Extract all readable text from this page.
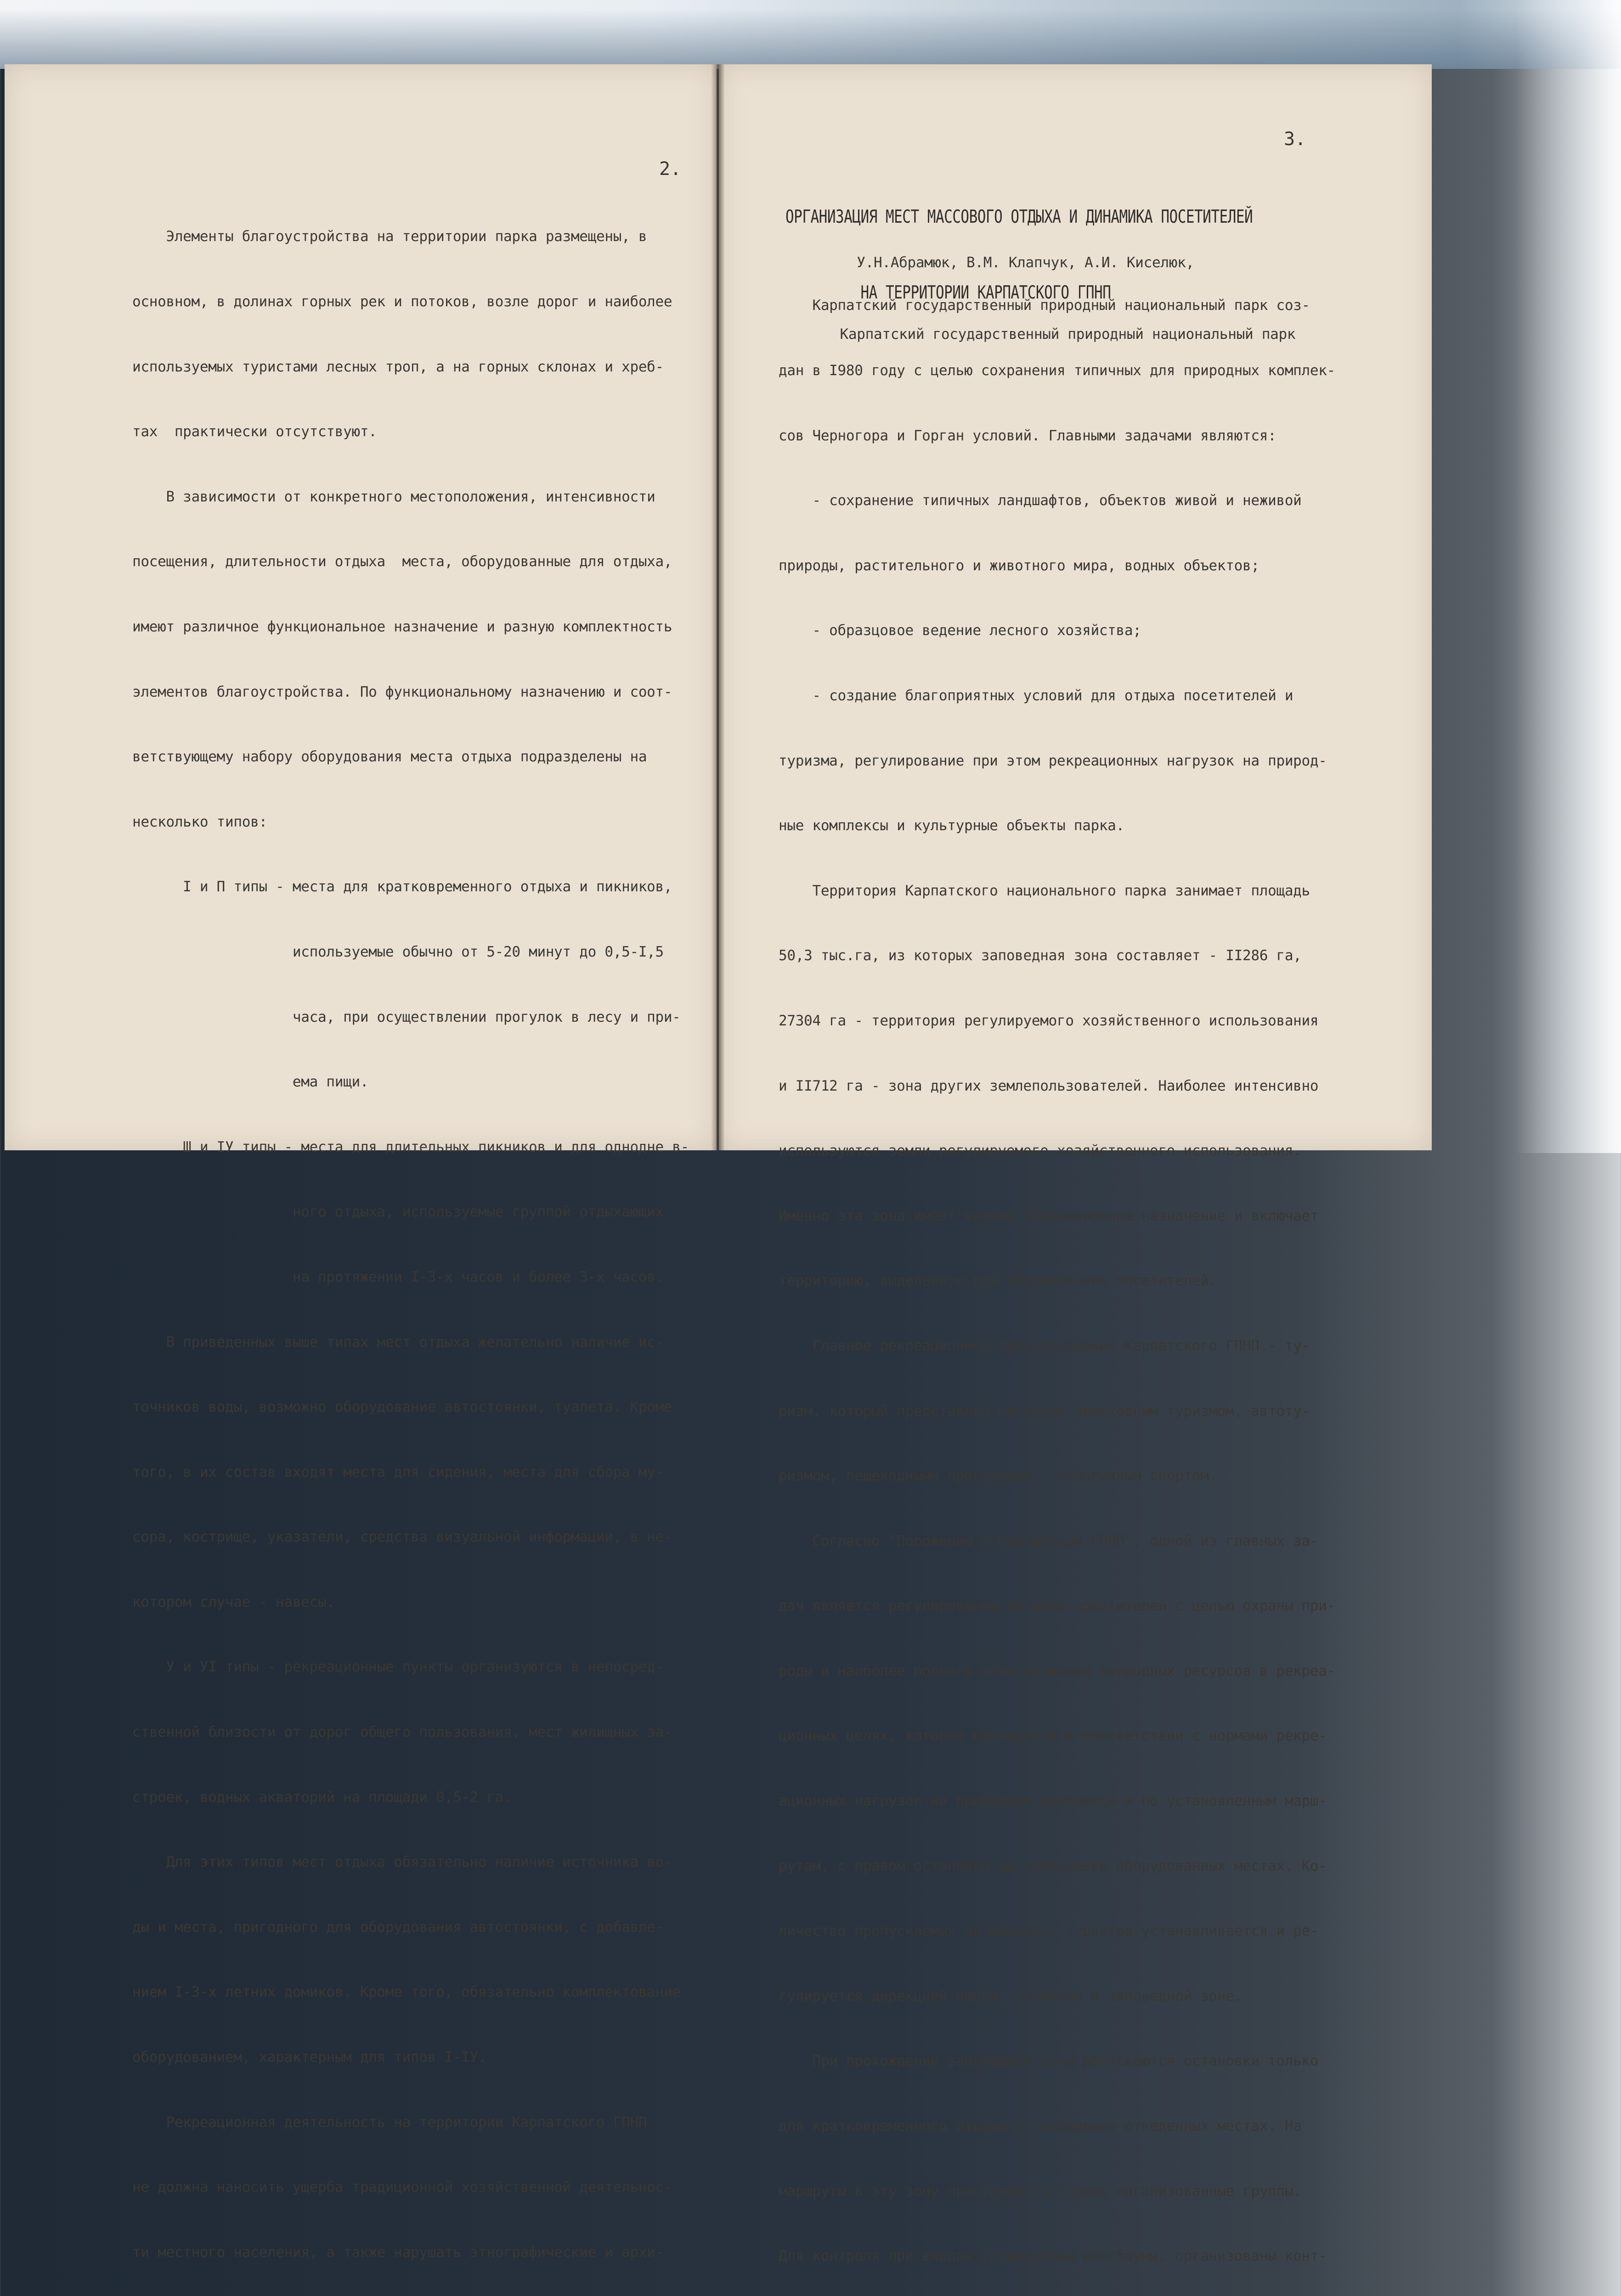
2.

Элементы благоустройства на территории парка размещены, в

основном, в долинах горных рек и потоков, возле дорог и наиболее

используемых туристами лесных троп, а на горных склонах и хреб-

тах  практически отсутствуют.

В зависимости от конкретного местоположения, интенсивности

посещения, длительности отдыха  места, оборудованные для отдыха,

имеют различное функциональное назначение и разную комплектность

элементов благоустройства. По функциональному назначению и соот-

ветствующему набору оборудования места отдыха подразделены на

несколько типов:

I и П типы - места для кратковременного отдыха и пикников,

используемые обычно от 5-20 минут до 0,5-I,5

часа, при осуществлении прогулок в лесу и при-

ема пищи.

Ш и IУ типы - места для длительных пикников и для однодне в-

ного отдыха, используемые группой отдыхающих

на протяжении I-3-х часов и более 3-х часов.

В приведенных выше типах мест отдыха желательно наличие ис-

точников воды, возможно оборудование автостоянки, туалета. Кроме

того, в их состав входят места для сидения, места для сбора му-

сора, кострище, указатели, средства визуальной информации, в не-

котором случае - навесы.

У и УI типы - рекреационные пункты организуются в непосред-

ственной близости от дорог общего пользования, мест жилищных за-

строек, водных акваторий на площади 0,5-2 га.

Для этих типов мест отдыха обязательно наличие источника во-

ды и места, пригодного для оборудования автостоянки, с добавле-

нием I-3-х летних домиков. Кроме того, обязательно комплектование

оборудованием, характерным для типов I-IУ.

Рекреационная деятельность на территории Карпатского ГПНП

не должна наносить ущерба традиционной хозяйственной деятельнос-

ти местного населения, а также нарушать этнографические и архи-

3.

ОРГАНИЗАЦИЯ МЕСТ МАССОВОГО ОТДЫХА И ДИНАМИКА ПОСЕТИТЕЛЕЙ

НА ТЕРРИТОРИИ КАРПАТСКОГО ГПНП

У.Н.Абрамюк, В.М. Клапчук, А.И. Киселюк,

Карпатский государственный природный национальный парк

Карпатский государственный природный национальный парк соз-

дан в I980 году с целью сохранения типичных для природных комплек-

сов Черногора и Горган условий. Главными задачами являются:

- сохранение типичных ландшафтов, объектов живой и неживой

природы, растительного и животного мира, водных объектов;

- образцовое ведение лесного хозяйства;

- создание благоприятных условий для отдыха посетителей и

туризма, регулирование при этом рекреационных нагрузок на природ-

ные комплексы и культурные объекты парка.

Территория Карпатского национального парка занимает площадь

50,3 тыс.га, из которых заповедная зона составляет - II286 га,

27304 га - территория регулируемого хозяйственного использования

и II712 га - зона других землепользователей. Наиболее интенсивно

используются земли регулируемого хозяйственного использования.

Именно эта зона имеет важное рекреационное назначение и включает

территорию, выделенную для обслуживания посетителей.

Главное рекреационное предназначение Карпатского ГПНП - ту-

ризм, который представлен массовым пешеходным туризмом, автоту-

ризмом, пешеходными прогулками, горнолыжным спортом.

Согласно "Положению о Карпатском ГПНП", одной из главных за-

дач является регулирование потоков посетителей с целью охраны при-

роды и наиболее полного использования природных ресурсов в рекреа-

ционных целях, которое проводится в соответствии с нормами рекре-

ационных нагрузок на природные комплексы и по установленным марш-

рутам, с правом остановки на специально оборудованных местах. Ко-

личество пропускаемых по маршруту туристов устанавливается и ре-

гулируется дирекцией парка, особенно в заповедной зоне.

При прохождении заповедной зоны допускаются остановки только

для кратковременного отдыха в специально отведенных местах. На

маршруты в эту зону пропускаются только организованные группы.

Для контроля при входах установлены шлагбаумы, организованы конт-
